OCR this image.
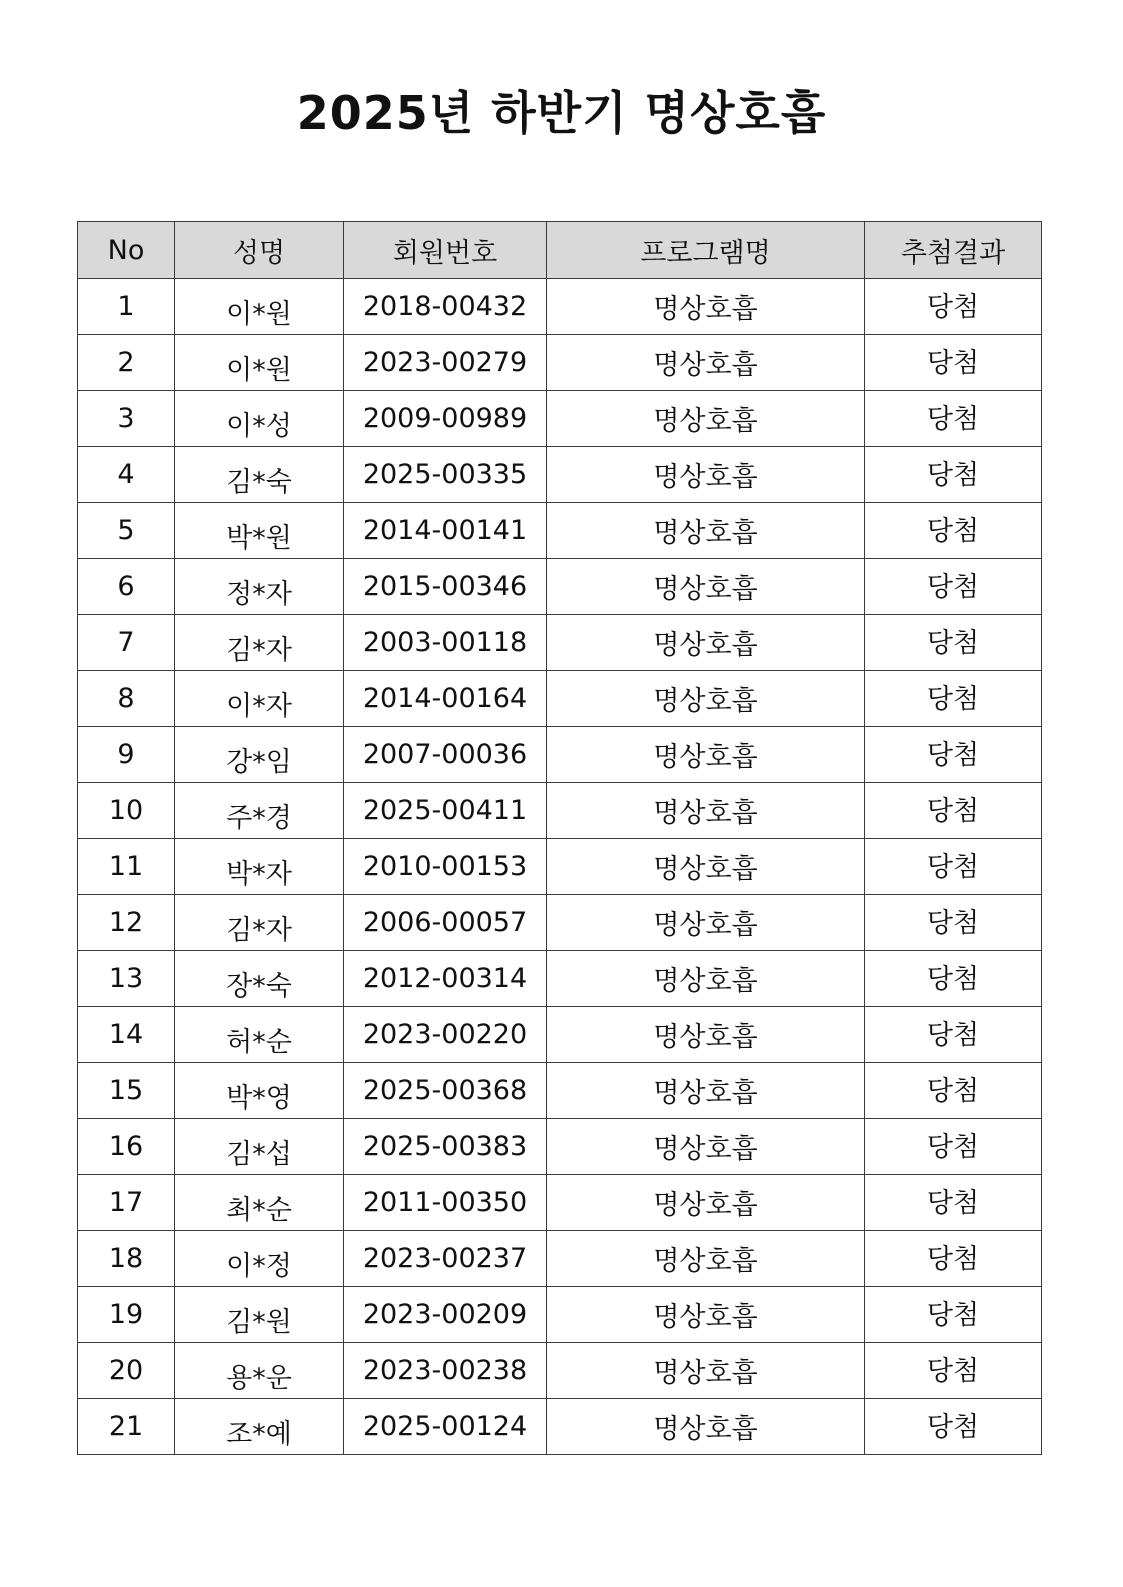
2025년 하반기 명상호흡
No	성명	회원번호	프로그램명	추첨결과
1	이*원	2018-00432	명상호흡	당첨
2	이*원	2023-00279	명상호흡	당첨
3	이*성	2009-00989	명상호흡	당첨
4	김*숙	2025-00335	명상호흡	당첨
5	박*원	2014-00141	명상호흡	당첨
6	정*자	2015-00346	명상호흡	당첨
7	김*자	2003-00118	명상호흡	당첨
8	이*자	2014-00164	명상호흡	당첨
9	강*임	2007-00036	명상호흡	당첨
10	주*경	2025-00411	명상호흡	당첨
11	박*자	2010-00153	명상호흡	당첨
12	김*자	2006-00057	명상호흡	당첨
13	장*숙	2012-00314	명상호흡	당첨
14	허*순	2023-00220	명상호흡	당첨
15	박*영	2025-00368	명상호흡	당첨
16	김*섭	2025-00383	명상호흡	당첨
17	최*순	2011-00350	명상호흡	당첨
18	이*정	2023-00237	명상호흡	당첨
19	김*원	2023-00209	명상호흡	당첨
20	용*운	2023-00238	명상호흡	당첨
21	조*예	2025-00124	명상호흡	당첨
